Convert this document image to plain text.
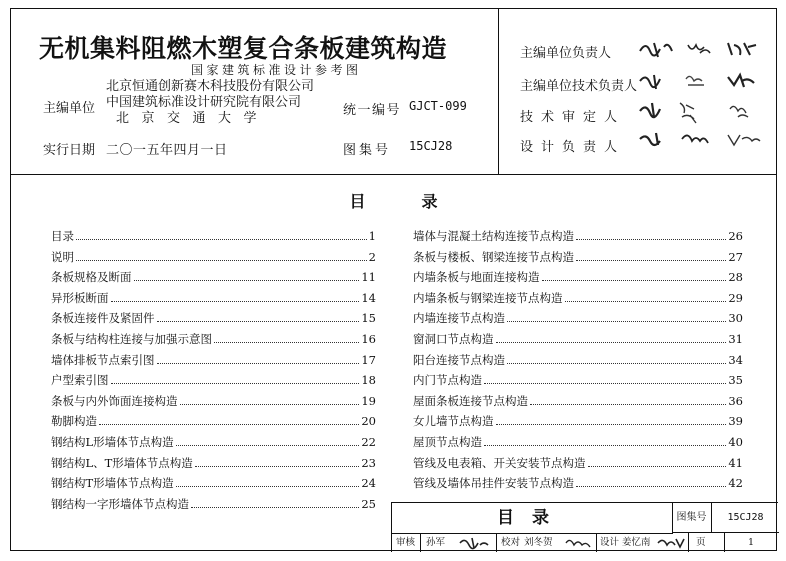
无机集料阻燃木塑复合条板建筑构造
国家建筑标准设计参考图
主编单位
北京恒通创新赛木科技股份有限公司
中国建筑标准设计研究院有限公司
北京交通大学
统一编号 GJCT-099
实行日期 二〇一五年四月一日	图集号 15CJ28
主编单位负责人
主编单位技术负责人
技术审定人
设计负责人
目录
目录	1
说明	2
条板规格及断面	11
异形板断面	14
条板连接件及紧固件	15
条板与结构柱连接与加强示意图	16
墙体排板节点索引图	17
户型索引图	18
条板与内外饰面连接构造	19
勒脚构造	20
钢结构L形墙体节点构造	22
钢结构L、T形墙体节点构造	23
钢结构T形墙体节点构造	24
钢结构一字形墙体节点构造	25
墙体与混凝土结构连接节点构造	26
条板与楼板、钢梁连接节点构造	27
内墙条板与地面连接构造	28
内墙条板与钢梁连接节点构造	29
内墙连接节点构造	30
窗洞口节点构造	31
阳台连接节点构造	34
内门节点构造	35
屋面条板连接节点构造	36
女儿墙节点构造	39
屋顶节点构造	40
管线及电表箱、开关安装节点构造	41
管线及墙体吊挂件安装节点构造	42
目录	图集号	15CJ28
审核 孙军	校对 刘冬贺	设计 姜忆南	页	1
